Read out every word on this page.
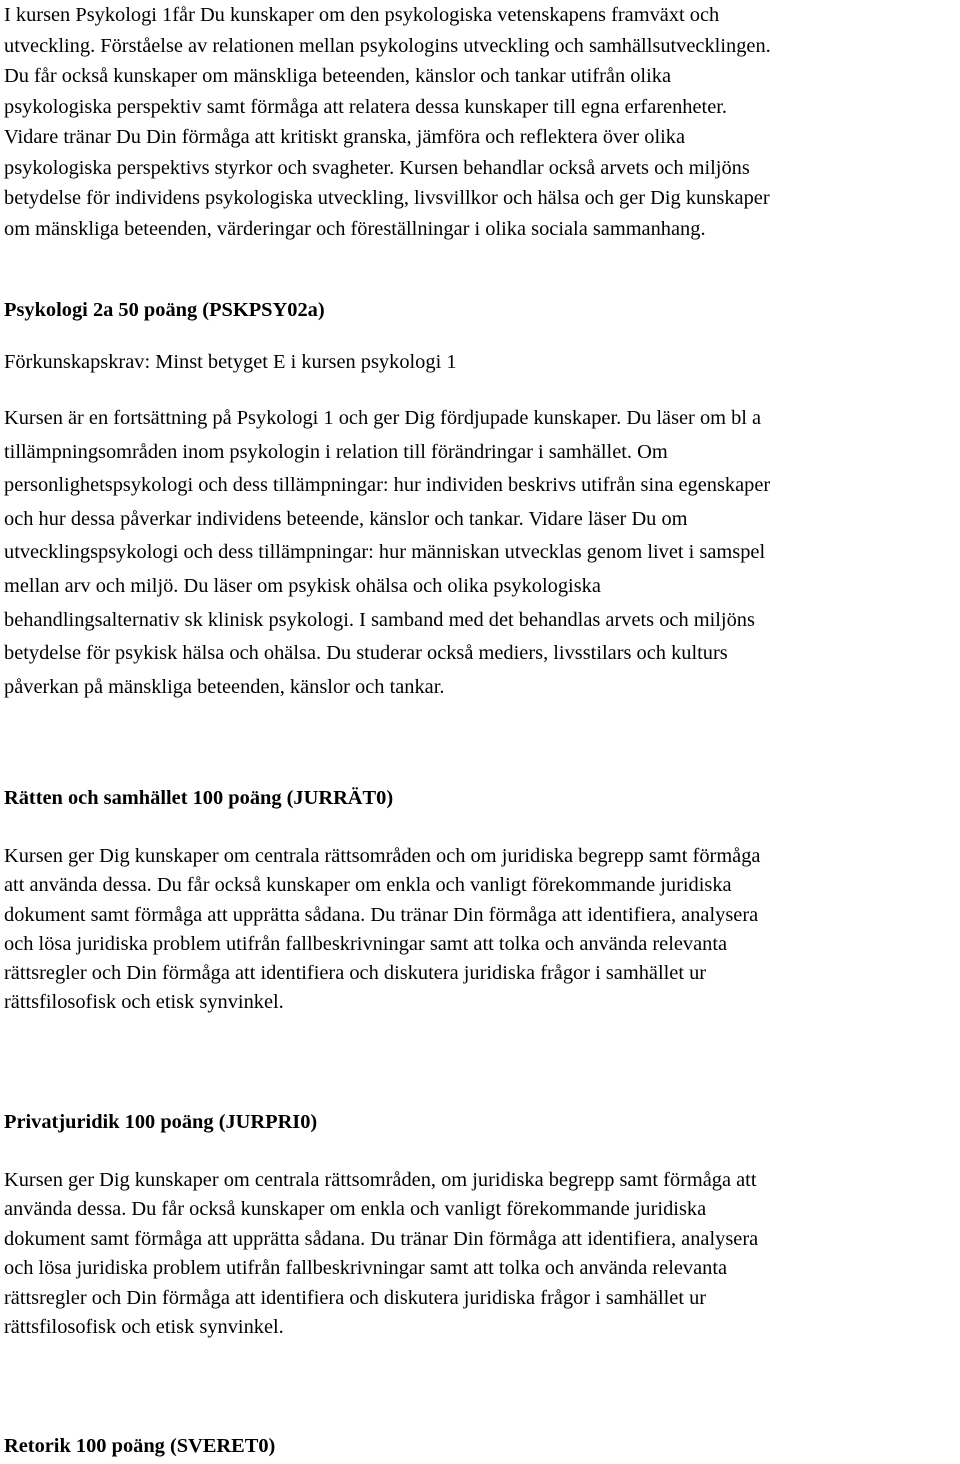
I kursen Psykologi 1får Du kunskaper om den psykologiska vetenskapens framväxt och
utveckling. Förståelse av relationen mellan psykologins utveckling och samhällsutvecklingen.
Du får också kunskaper om mänskliga beteenden, känslor och tankar utifrån olika
psykologiska perspektiv samt förmåga att relatera dessa kunskaper till egna erfarenheter.
Vidare tränar Du Din förmåga att kritiskt granska, jämföra och reflektera över olika
psykologiska perspektivs styrkor och svagheter. Kursen behandlar också arvets och miljöns
betydelse för individens psykologiska utveckling, livsvillkor och hälsa och ger Dig kunskaper
om mänskliga beteenden, värderingar och föreställningar i olika sociala sammanhang.

Psykologi 2a 50 poäng (PSKPSY02a)

Förkunskapskrav: Minst betyget E i kursen psykologi 1

Kursen är en fortsättning på Psykologi 1 och ger Dig fördjupade kunskaper. Du läser om bl a
tillämpningsområden inom psykologin i relation till förändringar i samhället. Om
personlighetspsykologi och dess tillämpningar: hur individen beskrivs utifrån sina egenskaper
och hur dessa påverkar individens beteende, känslor och tankar. Vidare läser Du om
utvecklingspsykologi och dess tillämpningar: hur människan utvecklas genom livet i samspel
mellan arv och miljö. Du läser om psykisk ohälsa och olika psykologiska
behandlingsalternativ sk klinisk psykologi. I samband med det behandlas arvets och miljöns
betydelse för psykisk hälsa och ohälsa. Du studerar också mediers, livsstilars och kulturs
påverkan på mänskliga beteenden, känslor och tankar.

Rätten och samhället 100 poäng (JURRÄT0)

Kursen ger Dig kunskaper om centrala rättsområden och om juridiska begrepp samt förmåga
att använda dessa. Du får också kunskaper om enkla och vanligt förekommande juridiska
dokument samt förmåga att upprätta sådana. Du tränar Din förmåga att identifiera, analysera
och lösa juridiska problem utifrån fallbeskrivningar samt att tolka och använda relevanta
rättsregler och Din förmåga att identifiera och diskutera juridiska frågor i samhället ur
rättsfilosofisk och etisk synvinkel.

Privatjuridik 100 poäng (JURPRI0)

Kursen ger Dig kunskaper om centrala rättsområden, om juridiska begrepp samt förmåga att
använda dessa. Du får också kunskaper om enkla och vanligt förekommande juridiska
dokument samt förmåga att upprätta sådana. Du tränar Din förmåga att identifiera, analysera
och lösa juridiska problem utifrån fallbeskrivningar samt att tolka och använda relevanta
rättsregler och Din förmåga att identifiera och diskutera juridiska frågor i samhället ur
rättsfilosofisk och etisk synvinkel.

Retorik 100 poäng (SVERET0)
